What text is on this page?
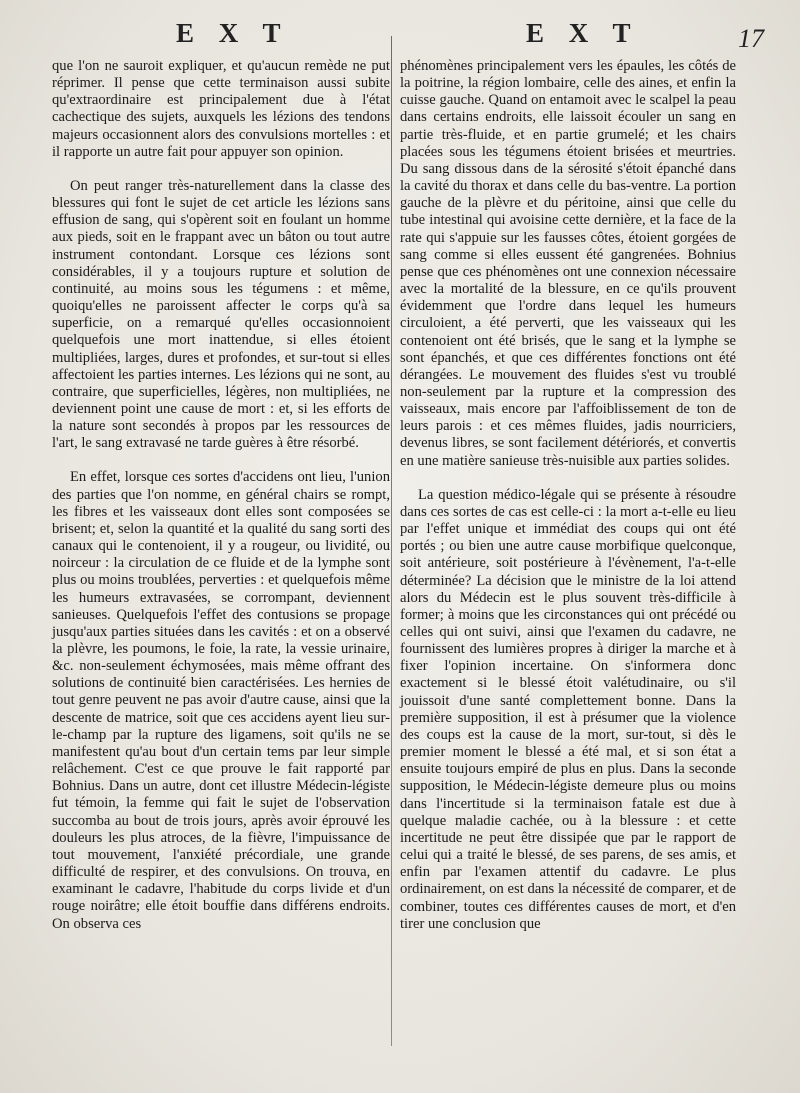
E X T	E X T	17

que l'on ne sauroit expliquer, et qu'aucun remède ne put réprimer. Il pense que cette terminaison aussi subite qu'extraordinaire est principalement due à l'état cachectique des sujets, auxquels les lézions des tendons majeurs occasionnent alors des convulsions mortelles : et il rapporte un autre fait pour appuyer son opinion.

On peut ranger très-naturellement dans la classe des blessures qui font le sujet de cet article les lézions sans effusion de sang, qui s'opèrent soit en foulant un homme aux pieds, soit en le frappant avec un bâton ou tout autre instrument contondant. Lorsque ces lézions sont considérables, il y a toujours rupture et solution de continuité, au moins sous les tégumens : et même, quoiqu'elles ne paroissent affecter le corps qu'à sa superficie, on a remarqué qu'elles occasionnoient quelquefois une mort inattendue, si elles étoient multipliées, larges, dures et profondes, et sur-tout si elles affectoient les parties internes. Les lézions qui ne sont, au contraire, que superficielles, légères, non multipliées, ne deviennent point une cause de mort : et, si les efforts de la nature sont secondés à propos par les ressources de l'art, le sang extravasé ne tarde guères à être résorbé.

En effet, lorsque ces sortes d'accidens ont lieu, l'union des parties que l'on nomme, en général chairs se rompt, les fibres et les vaisseaux dont elles sont composées se brisent; et, selon la quantité et la qualité du sang sorti des canaux qui le contenoient, il y a rougeur, ou lividité, ou noirceur : la circulation de ce fluide et de la lymphe sont plus ou moins troublées, perverties : et quelquefois même les humeurs extravasées, se corrompant, deviennent sanieuses. Quelquefois l'effet des contusions se propage jusqu'aux parties situées dans les cavités : et on a observé la plèvre, les poumons, le foie, la rate, la vessie urinaire, &c. non-seulement échymosées, mais même offrant des solutions de continuité bien caractérisées. Les hernies de tout genre peuvent ne pas avoir d'autre cause, ainsi que la descente de matrice, soit que ces accidens ayent lieu sur-le-champ par la rupture des ligamens, soit qu'ils ne se manifestent qu'au bout d'un certain tems par leur simple relâchement. C'est ce que prouve le fait rapporté par Bohnius. Dans un autre, dont cet illustre Médecin-légiste fut témoin, la femme qui fait le sujet de l'observation succomba au bout de trois jours, après avoir éprouvé les douleurs les plus atroces, de la fièvre, l'impuissance de tout mouvement, l'anxiété précordiale, une grande difficulté de respirer, et des convulsions. On trouva, en examinant le cadavre, l'habitude du corps livide et d'un rouge noirâtre; elle étoit bouffie dans différens endroits. On observa ces

phénomènes principalement vers les épaules, les côtés de la poitrine, la région lombaire, celle des aines, et enfin la cuisse gauche. Quand on entamoit avec le scalpel la peau dans certains endroits, elle laissoit écouler un sang en partie très-fluide, et en partie grumelé; et les chairs placées sous les tégumens étoient brisées et meurtries. Du sang dissous dans de la sérosité s'étoit épanché dans la cavité du thorax et dans celle du bas-ventre. La portion gauche de la plèvre et du péritoine, ainsi que celle du tube intestinal qui avoisine cette dernière, et la face de la rate qui s'appuie sur les fausses côtes, étoient gorgées de sang comme si elles eussent été gangrenées. Bohnius pense que ces phénomènes ont une connexion nécessaire avec la mortalité de la blessure, en ce qu'ils prouvent évidemment que l'ordre dans lequel les humeurs circuloient, a été perverti, que les vaisseaux qui les contenoient ont été brisés, que le sang et la lymphe se sont épanchés, et que ces différentes fonctions ont été dérangées. Le mouvement des fluides s'est vu troublé non-seulement par la rupture et la compression des vaisseaux, mais encore par l'affoiblissement de ton de leurs parois : et ces mêmes fluides, jadis nourriciers, devenus libres, se sont facilement détériorés, et convertis en une matière sanieuse très-nuisible aux parties solides.

La question médico-légale qui se présente à résoudre dans ces sortes de cas est celle-ci : la mort a-t-elle eu lieu par l'effet unique et immédiat des coups qui ont été portés ; ou bien une autre cause morbifique quelconque, soit antérieure, soit postérieure à l'évènement, l'a-t-elle déterminée? La décision que le ministre de la loi attend alors du Médecin est le plus souvent très-difficile à former; à moins que les circonstances qui ont précédé ou celles qui ont suivi, ainsi que l'examen du cadavre, ne fournissent des lumières propres à diriger la marche et à fixer l'opinion incertaine. On s'informera donc exactement si le blessé étoit valétudinaire, ou s'il jouissoit d'une santé complettement bonne. Dans la première supposition, il est à présumer que la violence des coups est la cause de la mort, sur-tout, si dès le premier moment le blessé a été mal, et si son état a ensuite toujours empiré de plus en plus. Dans la seconde supposition, le Médecin-légiste demeure plus ou moins dans l'incertitude si la terminaison fatale est due à quelque maladie cachée, ou à la blessure : et cette incertitude ne peut être dissipée que par le rapport de celui qui a traité le blessé, de ses parens, de ses amis, et enfin par l'examen attentif du cadavre. Le plus ordinairement, on est dans la nécessité de comparer, et de combiner, toutes ces différentes causes de mort, et d'en tirer une conclusion que
